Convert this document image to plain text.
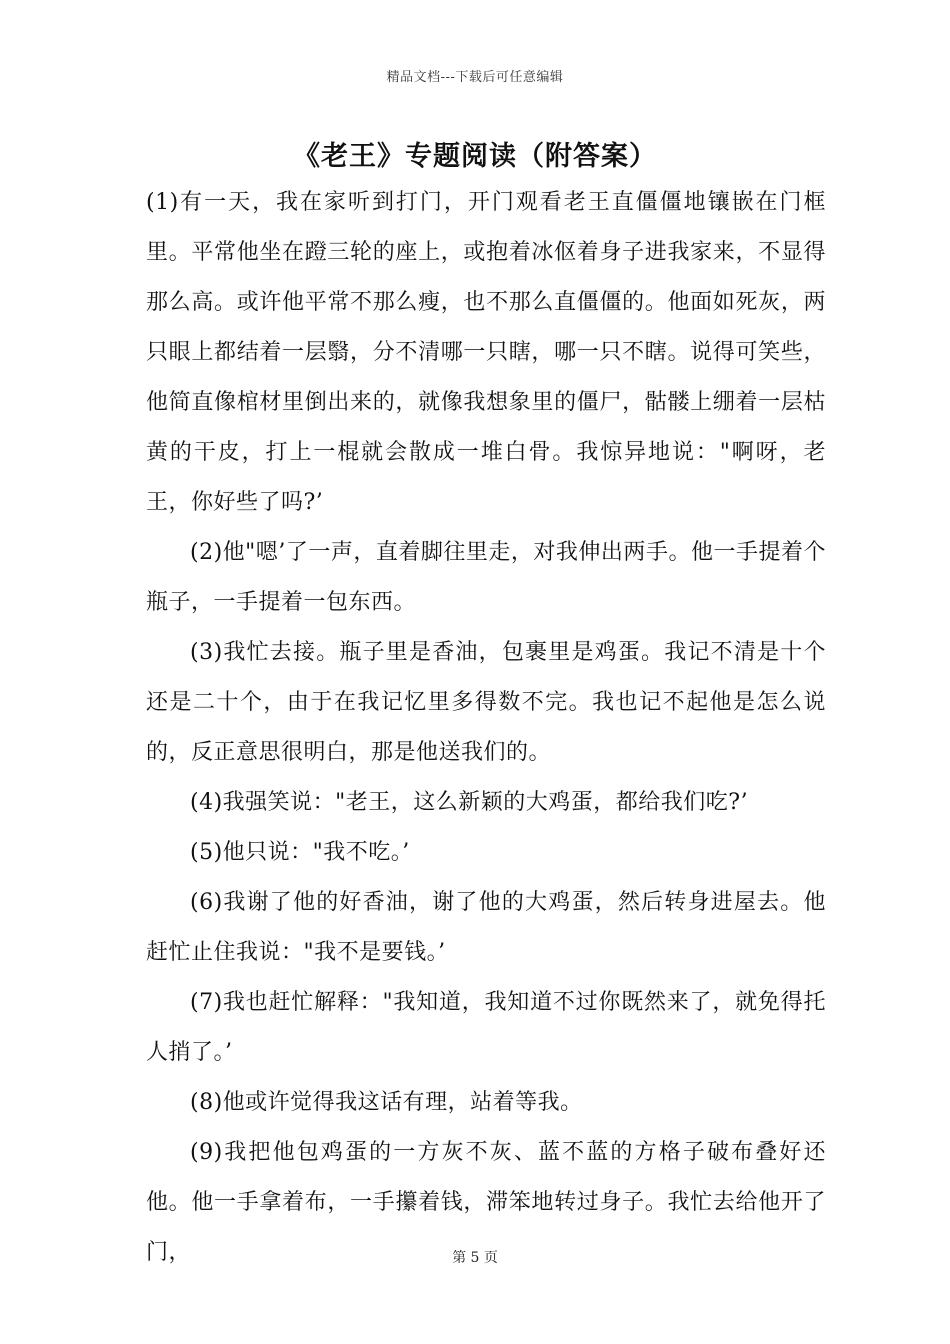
精品文档---下载后可任意编辑
《老王》专题阅读（附答案）

(1)有一天，我在家听到打门，开门观看老王直僵僵地镶嵌在门框里。平常他坐在蹬三轮的座上，或抱着冰伛着身子进我家来，不显得那么高。或许他平常不那么瘦，也不那么直僵僵的。他面如死灰，两只眼上都结着一层翳，分不清哪一只瞎，哪一只不瞎。说得可笑些，他简直像棺材里倒出来的，就像我想象里的僵尸，骷髅上绷着一层枯黄的干皮，打上一棍就会散成一堆白骨。我惊异地说："啊呀，老王，你好些了吗?’

(2)他"嗯’了一声，直着脚往里走，对我伸出两手。他一手提着个瓶子，一手提着一包东西。

(3)我忙去接。瓶子里是香油，包裹里是鸡蛋。我记不清是十个还是二十个，由于在我记忆里多得数不完。我也记不起他是怎么说的，反正意思很明白，那是他送我们的。

(4)我强笑说："老王，这么新颖的大鸡蛋，都给我们吃?’

(5)他只说："我不吃。’

(6)我谢了他的好香油，谢了他的大鸡蛋，然后转身进屋去。他赶忙止住我说："我不是要钱。’

(7)我也赶忙解释："我知道，我知道不过你既然来了，就免得托人捎了。’

(8)他或许觉得我这话有理，站着等我。

(9)我把他包鸡蛋的一方灰不灰、蓝不蓝的方格子破布叠好还他。他一手拿着布，一手攥着钱，滞笨地转过身子。我忙去给他开了门，	第 5 页
